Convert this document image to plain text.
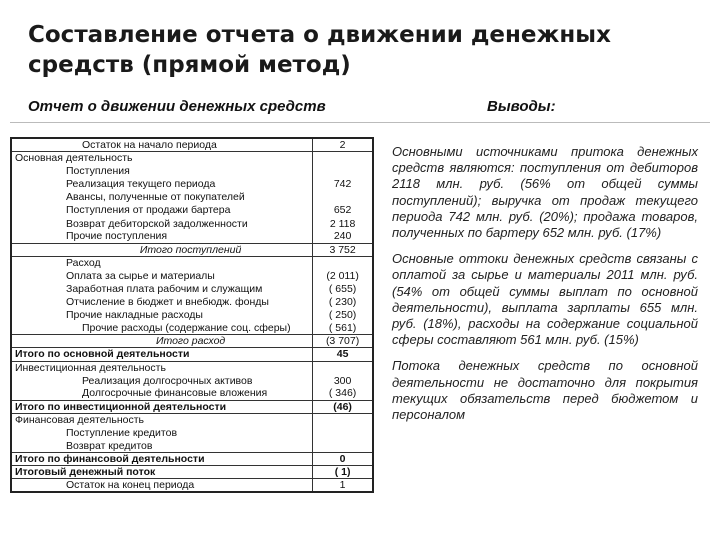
Составление отчета о движении денежных средств (прямой метод)
Отчет о движении денежных средств	Выводы:
Остаток на начало периода	2
Основная деятельность	
Поступления	
Реализация текущего периода	742
Авансы, полученные от покупателей	
Поступления от продажи бартера	652
Возврат дебиторской задолженности	2 118
Прочие поступления	240
Итого поступлений	3 752
Расход	
Оплата за сырье и материалы	(2 011)
Заработная плата рабочим и служащим	( 655)
Отчисление в бюджет и внебюдж. фонды	( 230)
Прочие накладные расходы	( 250)
Прочие расходы (содержание соц. сферы)	( 561)
Итого расход	(3 707)
Итого по основной деятельности	45
Инвестиционная деятельность	
Реализация долгосрочных активов	300
Долгосрочные финансовые вложения	( 346)
Итого по инвестиционной деятельности	(46)
Финансовая деятельность	
Поступление кредитов	
Возврат кредитов	
Итого по финансовой деятельности	0
Итоговый денежный поток	( 1)
Остаток на конец периода	1

Основными источниками притока денежных средств являются: поступления от дебиторов 2118 млн. руб. (56% от общей суммы поступлений); выручка от продаж текущего периода 742 млн. руб. (20%); продажа товаров, полученных по бартеру 652 млн. руб. (17%)

Основные оттоки денежных средств связаны с оплатой за сырье и материалы 2011 млн. руб. (54% от общей суммы выплат по основной деятельности), выплата зарплаты 655 млн. руб. (18%), расходы на содержание социальной сферы составляют 561 млн. руб. (15%)

Потока денежных средств по основной деятельности не достаточно для покрытия текущих обязательств перед бюджетом и персоналом
